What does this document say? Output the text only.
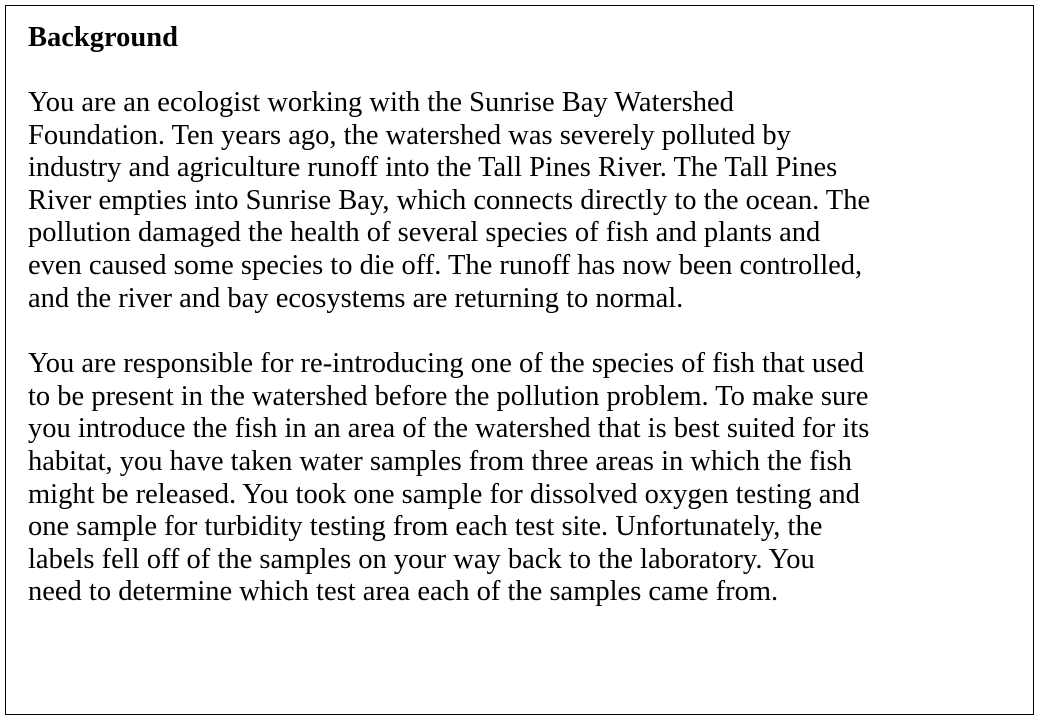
Background
You are an ecologist working with the Sunrise Bay Watershed
Foundation. Ten years ago, the watershed was severely polluted by
industry and agriculture runoff into the Tall Pines River. The Tall Pines
River empties into Sunrise Bay, which connects directly to the ocean. The
pollution damaged the health of several species of fish and plants and
even caused some species to die off. The runoff has now been controlled,
and the river and bay ecosystems are returning to normal.
You are responsible for re-introducing one of the species of fish that used
to be present in the watershed before the pollution problem. To make sure
you introduce the fish in an area of the watershed that is best suited for its
habitat, you have taken water samples from three areas in which the fish
might be released. You took one sample for dissolved oxygen testing and
one sample for turbidity testing from each test site. Unfortunately, the
labels fell off of the samples on your way back to the laboratory. You
need to determine which test area each of the samples came from.
